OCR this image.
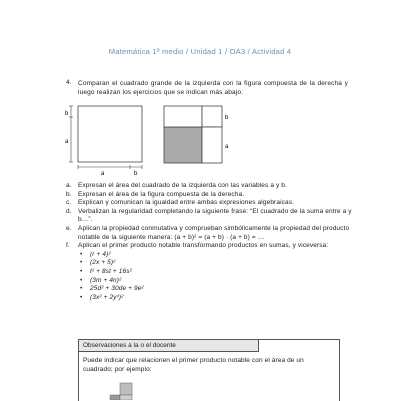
Matemática 1º medio / Unidad 1 / OA3 / Actividad 4
4. Comparan el cuadrado grande de la izquierda con la figura compuesta de la derecha y luego realizan los ejercicios que se indican más abajo:
b
a
a	b
b
a
a. Expresan el área del cuadrado de la izquierda con las variables a y b.
b. Expresan el área de la figura compuesta de la derecha.
c. Explican y comunican la igualdad entre ambas expresiones algebraicas.
d. Verbalizan la regularidad completando la siguiente frase: “El cuadrado de la suma entre a y b…”.
e. Aplican la propiedad conmutativa y comprueban simbólicamente la propiedad del producto notable de la siguiente manera: (a + b)² = (a + b) · (a + b) = …
f. Aplican el primer producto notable transformando productos en sumas, y viceversa:
• (r + 4)²
• (2x + 5)²
• t² + 8st + 16s²
• (3m + 4n)²
• 25d² + 30de + 9e²
• (3x² + 2y³)²
Observaciones a la o el docente
Puede indicar que relacionen el primer producto notable con el área de un cuadrado; por ejemplo:
